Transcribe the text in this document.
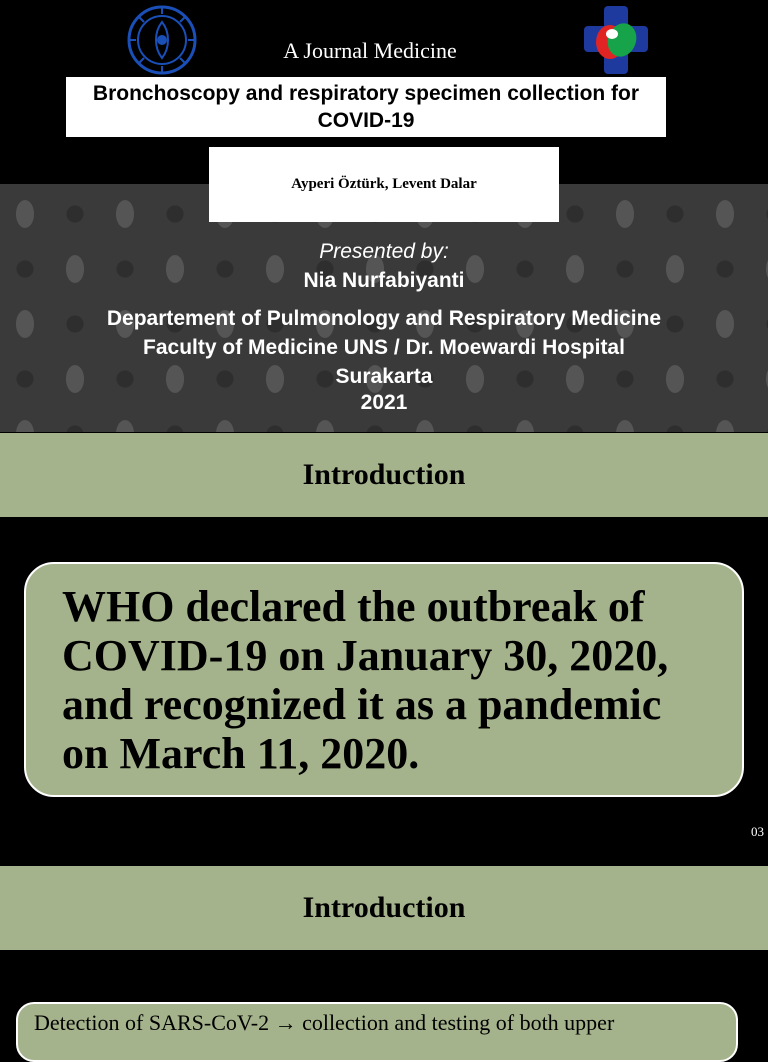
A Journal Medicine
Bronchoscopy and respiratory specimen collection for COVID-19
Ayperi Öztürk, Levent Dalar
Presented by:
Nia Nurfabiyanti
Departement of Pulmonology and Respiratory Medicine Faculty of Medicine UNS / Dr. Moewardi Hospital Surakarta
2021
Introduction
WHO declared the outbreak of COVID-19 on January 30, 2020, and recognized it as a pandemic on March 11, 2020.
03
Introduction
Detection of SARS-CoV-2 → collection and testing of both upper
